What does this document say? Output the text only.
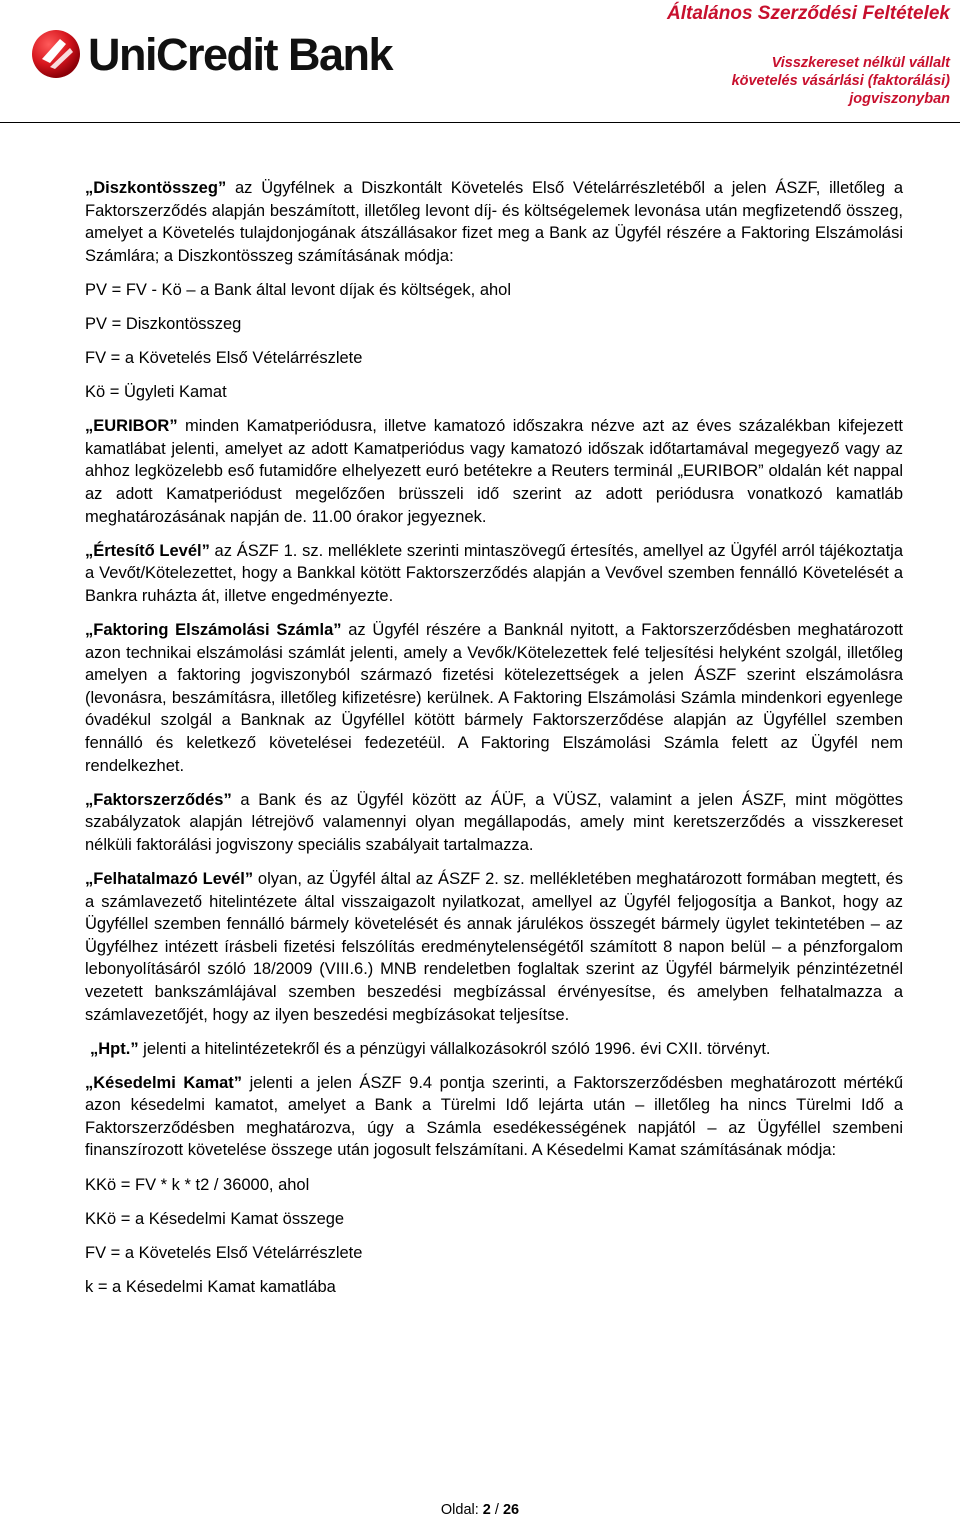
UniCredit Bank
Általános Szerződési Feltételek
Visszkereset nélkül vállalt
követelés vásárlási (faktorálási)
jogviszonyban

„Diszkontösszeg” az Ügyfélnek a Diszkontált Követelés Első Vételárrészletéből a jelen ÁSZF, illetőleg a Faktorszerződés alapján beszámított, illetőleg levont díj- és költségelemek levonása után megfizetendő összeg, amelyet a Követelés tulajdonjogának átszállásakor fizet meg a Bank az Ügyfél részére a Faktoring Elszámolási Számlára; a Diszkontösszeg számításának módja:

PV = FV - Kö – a Bank által levont díjak és költségek, ahol

PV = Diszkontösszeg

FV = a Követelés Első Vételárrészlete

Kö = Ügyleti Kamat

„EURIBOR” minden Kamatperiódusra, illetve kamatozó időszakra nézve azt az éves százalékban kifejezett kamatlábat jelenti, amelyet az adott Kamatperiódus vagy kamatozó időszak időtartamával megegyező vagy az ahhoz legközelebb eső futamidőre elhelyezett euró betétekre a Reuters terminál „EURIBOR” oldalán két nappal az adott Kamatperiódust megelőzően brüsszeli idő szerint az adott periódusra vonatkozó kamatláb meghatározásának napján de. 11.00 órakor jegyeznek.

„Értesítő Levél” az ÁSZF 1. sz. melléklete szerinti mintaszövegű értesítés, amellyel az Ügyfél arról tájékoztatja a Vevőt/Kötelezettet, hogy a Bankkal kötött Faktorszerződés alapján a Vevővel szemben fennálló Követelését a Bankra ruházta át, illetve engedményezte.

„Faktoring Elszámolási Számla” az Ügyfél részére a Banknál nyitott, a Faktorszerződésben meghatározott azon technikai elszámolási számlát jelenti, amely a Vevők/Kötelezettek felé teljesítési helyként szolgál, illetőleg amelyen a faktoring jogviszonyból származó fizetési kötelezettségek a jelen ÁSZF szerint elszámolásra (levonásra, beszámításra, illetőleg kifizetésre) kerülnek. A Faktoring Elszámolási Számla mindenkori egyenlege óvadékul szolgál a Banknak az Ügyféllel kötött bármely Faktorszerződése alapján az Ügyféllel szemben fennálló és keletkező követelései fedezetéül. A Faktoring Elszámolási Számla felett az Ügyfél nem rendelkezhet.

„Faktorszerződés” a Bank és az Ügyfél között az ÁÜF, a VÜSZ, valamint a jelen ÁSZF, mint mögöttes szabályzatok alapján létrejövő valamennyi olyan megállapodás, amely mint keretszerződés a visszkereset nélküli faktorálási jogviszony speciális szabályait tartalmazza.

„Felhatalmazó Levél” olyan, az Ügyfél által az ÁSZF 2. sz. mellékletében meghatározott formában megtett, és a számlavezető hitelintézete által visszaigazolt nyilatkozat, amellyel az Ügyfél feljogosítja a Bankot, hogy az Ügyféllel szemben fennálló bármely követelését és annak járulékos összegét bármely ügylet tekintetében – az Ügyfélhez intézett írásbeli fizetési felszólítás eredménytelenségétől számított 8 napon belül – a pénzforgalom lebonyolításáról szóló 18/2009 (VIII.6.) MNB rendeletben foglaltak szerint az Ügyfél bármelyik pénzintézetnél vezetett bankszámlájával szemben beszedési megbízással érvényesítse, és amelyben felhatalmazza a számlavezetőjét, hogy az ilyen beszedési megbízásokat teljesítse.

„Hpt.” jelenti a hitelintézetekről és a pénzügyi vállalkozásokról szóló 1996. évi CXII. törvényt.

„Késedelmi Kamat” jelenti a jelen ÁSZF 9.4 pontja szerinti, a Faktorszerződésben meghatározott mértékű azon késedelmi kamatot, amelyet a Bank a Türelmi Idő lejárta után – illetőleg ha nincs Türelmi Idő a Faktorszerződésben meghatározva, úgy a Számla esedékességének napjától – az Ügyféllel szembeni finanszírozott követelése összege után jogosult felszámítani. A Késedelmi Kamat számításának módja:

KKö = FV * k * t2 / 36000, ahol

KKö = a Késedelmi Kamat összege

FV = a Követelés Első Vételárrészlete

k = a Késedelmi Kamat kamatlába

Oldal: 2 / 26
